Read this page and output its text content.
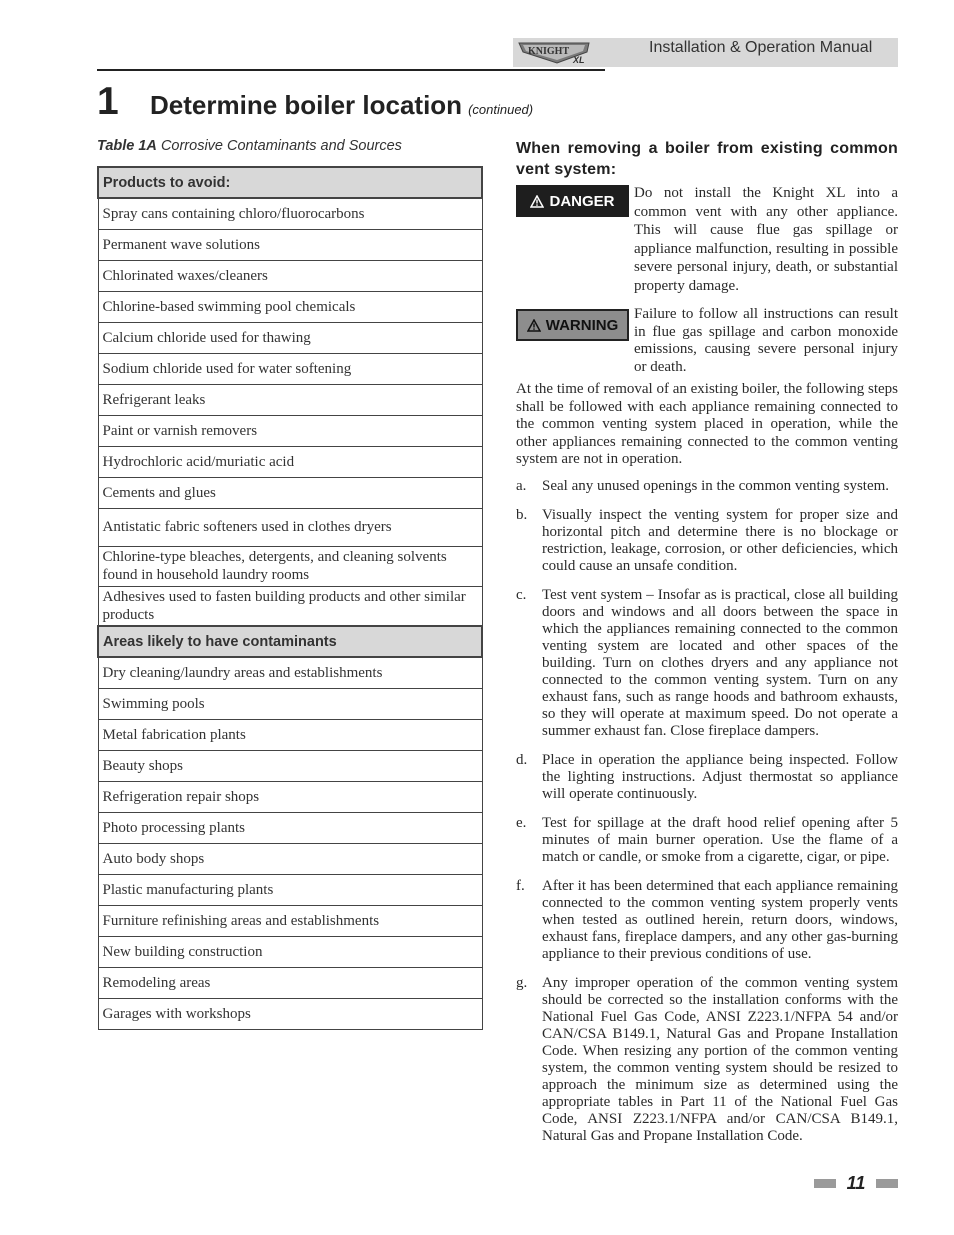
KNIGHT
XL
Installation & Operation Manual
1 Determine boiler location (continued)
Table 1A Corrosive Contaminants and Sources
Products to avoid:
Spray cans containing chloro/fluorocarbons
Permanent wave solutions
Chlorinated waxes/cleaners
Chlorine-based swimming pool chemicals
Calcium chloride used for thawing
Sodium chloride used for water softening
Refrigerant leaks
Paint or varnish removers
Hydrochloric acid/muriatic acid
Cements and glues
Antistatic fabric softeners used in clothes dryers
Chlorine-type bleaches, detergents, and cleaning solvents found in household laundry rooms
Adhesives used to fasten building products and other similar products
Areas likely to have contaminants
Dry cleaning/laundry areas and establishments
Swimming pools
Metal fabrication plants
Beauty shops
Refrigeration repair shops
Photo processing plants
Auto body shops
Plastic manufacturing plants
Furniture refinishing areas and establishments
New building construction
Remodeling areas
Garages with workshops
When removing a boiler from existing common vent system:
DANGER Do not install the Knight XL into a common vent with any other appliance. This will cause flue gas spillage or appliance malfunction, resulting in possible severe personal injury, death, or substantial property damage.
WARNING
Failure to follow all instructions can result in flue gas spillage and carbon monoxide emissions, causing severe personal injury or death.
At the time of removal of an existing boiler, the following steps shall be followed with each appliance remaining connected to the common venting system placed in operation, while the other appliances remaining connected to the common venting system are not in operation.
a.	Seal any unused openings in the common venting system.
b. Visually inspect the venting system for proper size and horizontal pitch and determine there is no blockage or restriction, leakage, corrosion, or other deficiencies, which could cause an unsafe condition.
c.	Test vent system – Insofar as is practical, close all building doors and windows and all doors between the space in which the appliances remaining connected to the common venting system are located and other spaces of the building. Turn on clothes dryers and any appliance not connected to the common venting system. Turn on any exhaust fans, such as range hoods and bathroom exhausts, so they will operate at maximum speed. Do not operate a summer exhaust fan. Close fireplace dampers.
d. Place in operation the appliance being inspected. Follow the lighting instructions. Adjust thermostat so appliance will operate continuously.
e.	Test for spillage at the draft hood relief opening after 5 minutes of main burner operation. Use the flame of a match or candle, or smoke from a cigarette, cigar, or pipe.
f.	After it has been determined that each appliance remaining connected to the common venting system properly vents when tested as outlined herein, return doors, windows, exhaust fans, fireplace dampers, and any other gas-burning appliance to their previous conditions of use.
g. Any improper operation of the common venting system should be corrected so the installation conforms with the National Fuel Gas Code, ANSI Z223.1/NFPA 54 and/or CAN/CSA B149.1, Natural Gas and Propane Installation Code. When resizing any portion of the common venting system, the common venting system should be resized to approach the minimum size as determined using the appropriate tables in Part 11 of the National Fuel Gas Code, ANSI Z223.1/NFPA and/or CAN/CSA B149.1, Natural Gas and Propane Installation Code.
11
